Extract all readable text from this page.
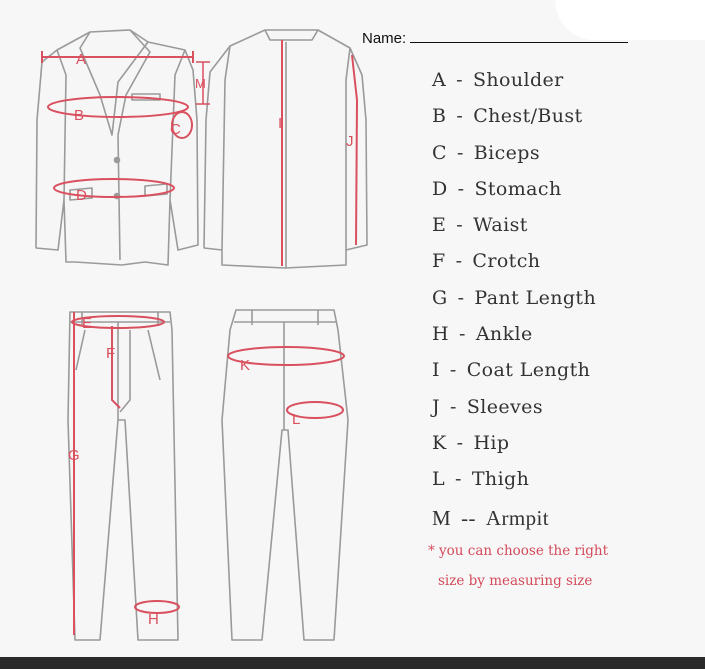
A
B
C
D
M
I
J
E
F
G
H
K
L
Name:
A - Shoulder
B - Chest/Bust
C - Biceps
D - Stomach
E - Waist
F - Crotch
G - Pant Length
H - Ankle
I - Coat Length
J - Sleeves
K - Hip
L - Thigh
M -- Armpit
* you can choose the right
size by measuring size
